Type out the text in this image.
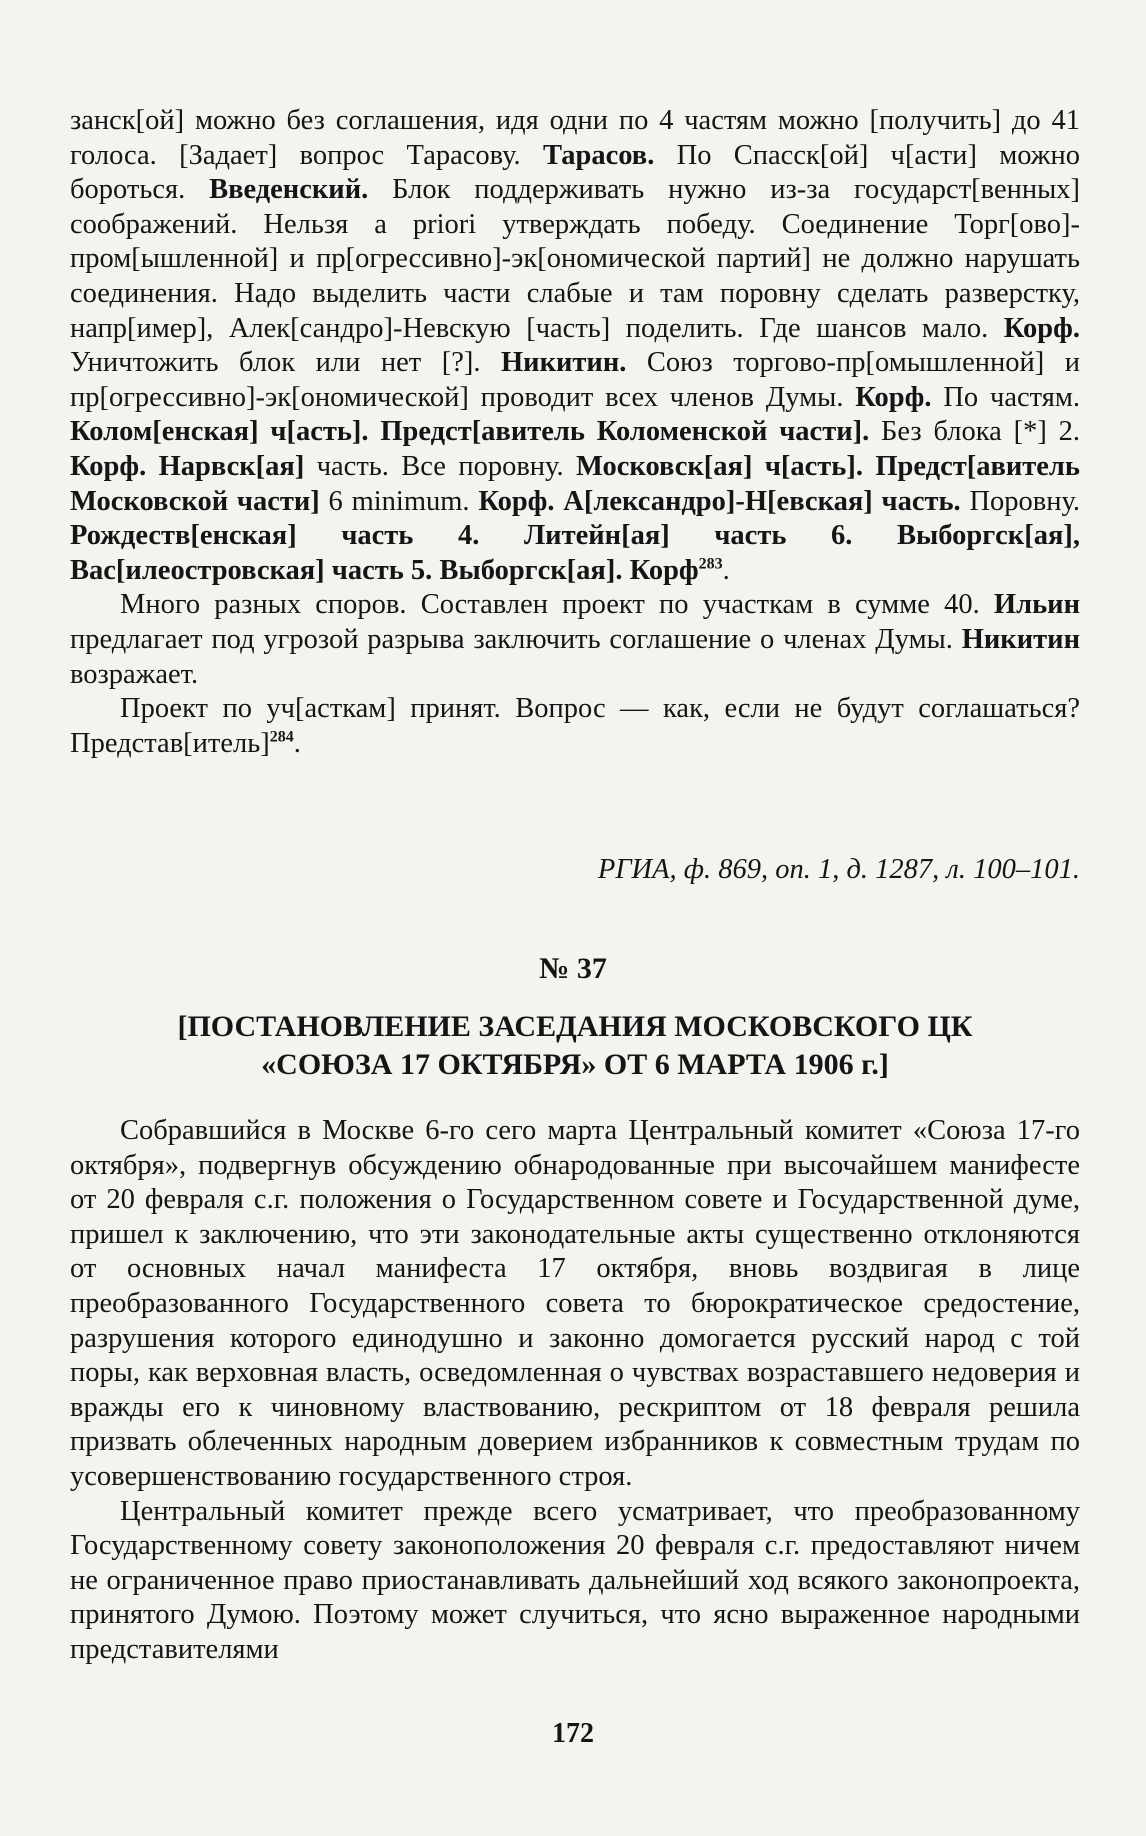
занск[ой] можно без соглашения, идя одни по 4 частям можно [получить] до 41 голоса. [Задает] вопрос Тарасову. Тарасов. По Спасск[ой] ч[асти] можно бороться. Введенский. Блок поддерживать нужно из-за государст[венных] соображений. Нельзя а priori утверждать победу. Соединение Торг[ово]-пром[ышленной] и пр[огрессивно]-эк[ономической партий] не должно нарушать соединения. Надо выделить части слабые и там поровну сделать разверстку, напр[имер], Алек[сандро]-Невскую [часть] поделить. Где шансов мало. Корф. Уничтожить блок или нет [?]. Никитин. Союз торгово-пр[омышленной] и пр[огрессивно]-эк[ономической] проводит всех членов Думы. Корф. По частям. Колом[енская] ч[асть]. Предст[авитель Коломенской части]. Без блока [*] 2. Корф. Нарвск[ая] часть. Все поровну. Московск[ая] ч[асть]. Предст[авитель Московской части] 6 minimum. Корф. А[лександро]-Н[евская] часть. Поровну. Рождеств[енская] часть 4. Литейн[ая] часть 6. Выборгск[ая], Вас[илеостровская] часть 5. Выборгск[ая]. Корф$^{283}$.

Много разных споров. Составлен проект по участкам в сумме 40. Ильин предлагает под угрозой разрыва заключить соглашение о членах Думы. Никитин возражает.

Проект по уч[асткам] принят. Вопрос — как, если не будут соглашаться? Представ[итель]$^{284}$.

РГИА, ф. 869, оп. 1, д. 1287, л. 100–101.
№ 37
[ПОСТАНОВЛЕНИЕ ЗАСЕДАНИЯ МОСКОВСКОГО ЦК
«СОЮЗА 17 ОКТЯБРЯ» ОТ 6 МАРТА 1906 г.]

Собравшийся в Москве 6-го сего марта Центральный комитет «Союза 17-го октября», подвергнув обсуждению обнародованные при высочайшем манифесте от 20 февраля с.г. положения о Государственном совете и Государственной думе, пришел к заключению, что эти законодательные акты существенно отклоняются от основных начал манифеста 17 октября, вновь воздвигая в лице преобразованного Государственного совета то бюрократическое средостение, разрушения которого единодушно и законно домогается русский народ с той поры, как верховная власть, осведомленная о чувствах возраставшего недоверия и вражды его к чиновному властвованию, рескриптом от 18 февраля решила призвать облеченных народным доверием избранников к совместным трудам по усовершенствованию государственного строя.

Центральный комитет прежде всего усматривает, что преобразованному Государственному совету законоположения 20 февраля с.г. предоставляют ничем не ограниченное право приостанавливать дальнейший ход всякого законопроекта, принятого Думою. Поэтому может случиться, что ясно выраженное народными представителями

172
